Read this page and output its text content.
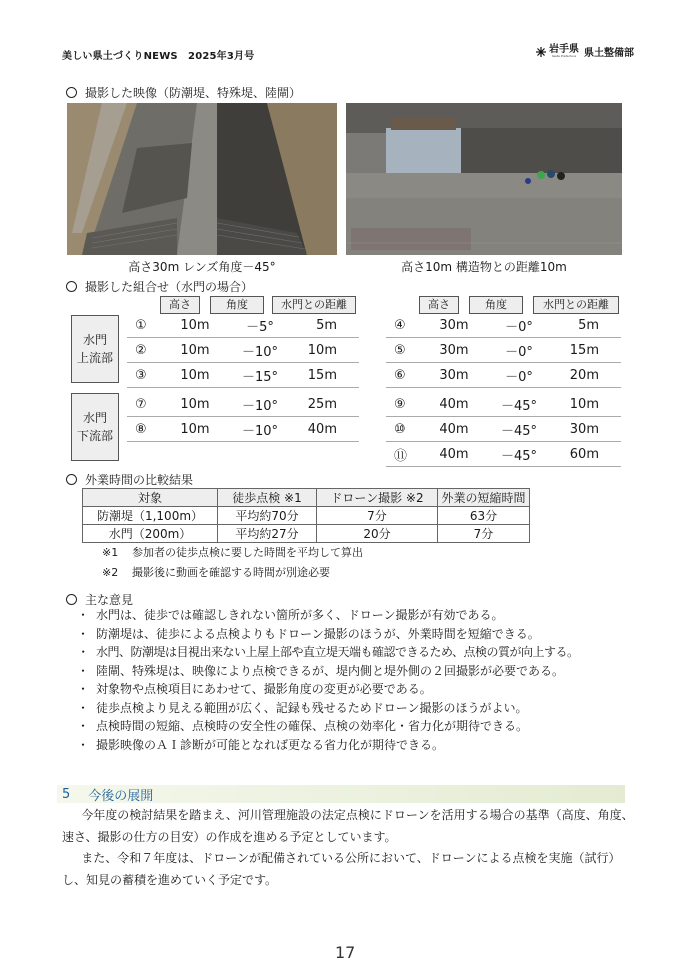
美しい県土づくりNEWS　2025年3月号
岩手県
Iwate Prefecture 県土整備部
撮影した映像（防潮堤、特殊堤、陸閘）
高さ30m レンズ角度－45°	高さ10m 構造物との距離10m
撮影した組合せ（水門の場合）
高さ	角度	水門との距離
水門
上流部
水門
下流部
①	10m	－5°	5m
②	10m	－10°	10m
③	10m	－15°	15m
⑦	10m	－10°	25m
⑧	10m	－10°	40m
高さ	角度	水門との距離
④	30m	－0°	5m
⑤	30m	－0°	15m
⑥	30m	－0°	20m
⑨	40m	－45°	10m
⑩	40m	－45°	30m
⑪	40m	－45°	60m
外業時間の比較結果
対象	徒歩点検 ※1	ドローン撮影 ※2	外業の短縮時間
防潮堤（1,100m）	平均約70分	7分	63分
水門（200m）	平均約27分	20分	7分
※1 参加者の徒歩点検に要した時間を平均して算出
※2 撮影後に動画を確認する時間が別途必要
主な意見
・ 水門は、徒歩では確認しきれない箇所が多く、ドローン撮影が有効である。
・ 防潮堤は、徒歩による点検よりもドローン撮影のほうが、外業時間を短縮できる。
・ 水門、防潮堤は目視出来ない上屋上部や直立堤天端も確認できるため、点検の質が向上する。
・ 陸閘、特殊堤は、映像により点検できるが、堤内側と堤外側の２回撮影が必要である。
・ 対象物や点検項目にあわせて、撮影角度の変更が必要である。
・ 徒歩点検より見える範囲が広く、記録も残せるためドローン撮影のほうがよい。
・ 点検時間の短縮、点検時の安全性の確保、点検の効率化・省力化が期待できる。
・ 撮影映像のＡＩ診断が可能となれば更なる省力化が期待できる。
5 今後の展開

今年度の検討結果を踏まえ、河川管理施設の法定点検にドローンを活用する場合の基準（高度、角度、速さ、撮影の仕方の目安）の作成を進める予定としています。

また、令和７年度は、ドローンが配備されている公所において、ドローンによる点検を実施（試行）し、知見の蓄積を進めていく予定です。

17
